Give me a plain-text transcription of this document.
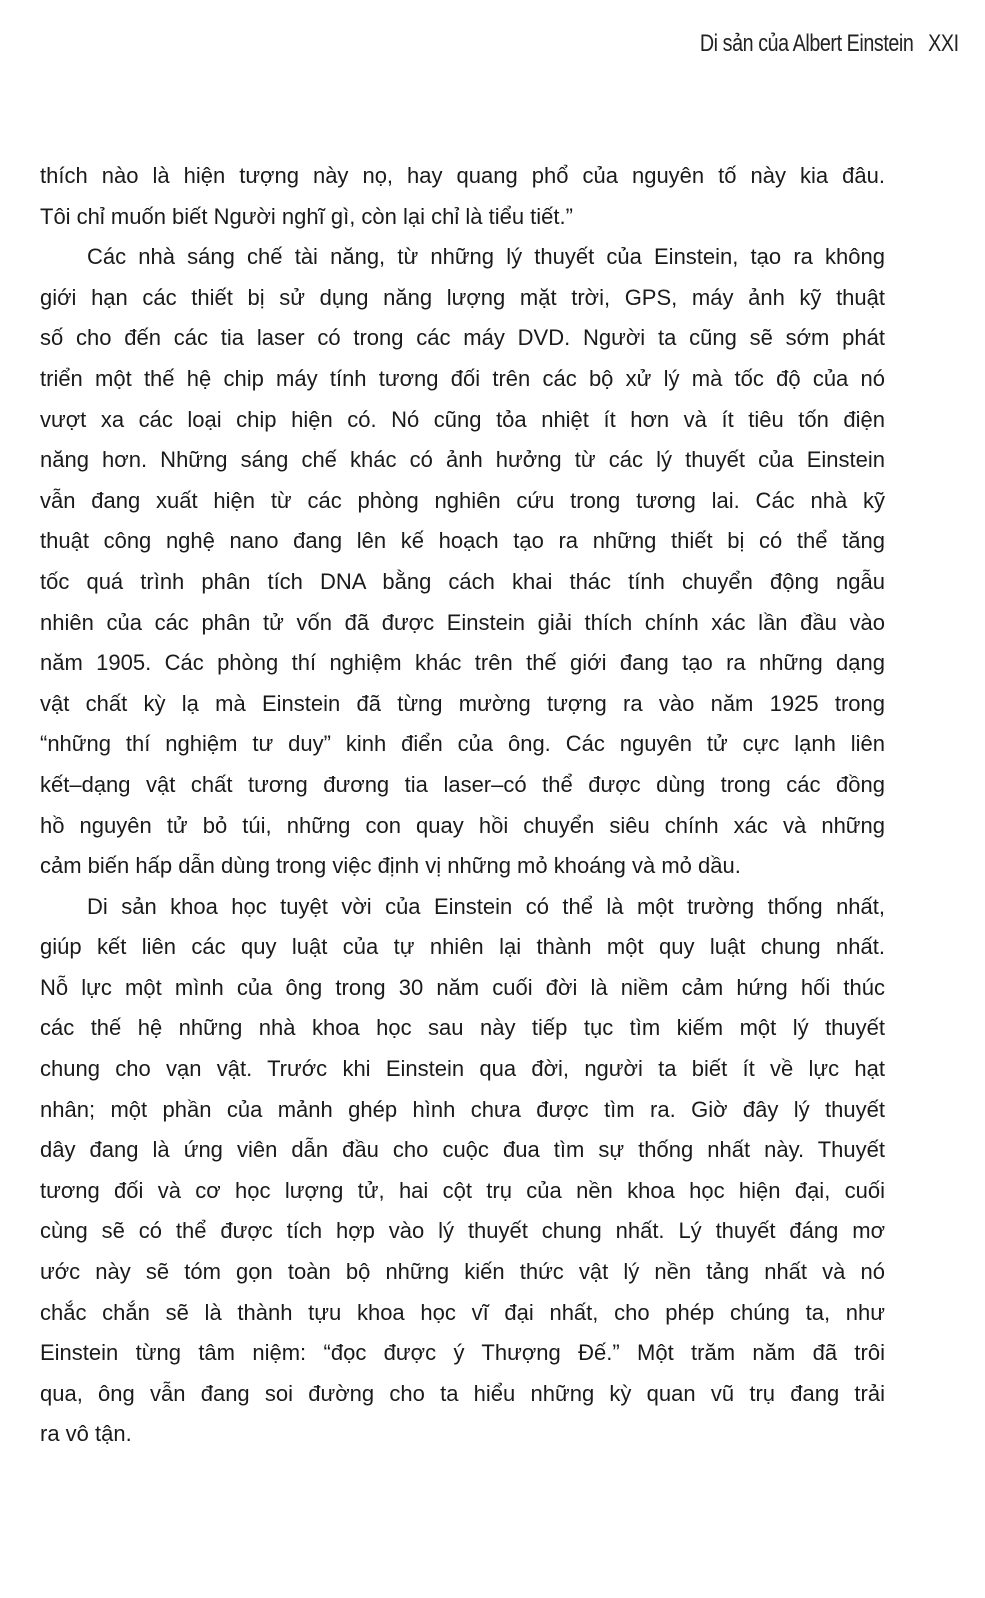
Di sản của Albert Einstein XXI
thích nào là hiện tượng này nọ, hay quang phổ của nguyên tố này kia đâu.
Tôi chỉ muốn biết Người nghĩ gì, còn lại chỉ là tiểu tiết.”
Các nhà sáng chế tài năng, từ những lý thuyết của Einstein, tạo ra không
giới hạn các thiết bị sử dụng năng lượng mặt trời, GPS, máy ảnh kỹ thuật
số cho đến các tia laser có trong các máy DVD. Người ta cũng sẽ sớm phát
triển một thế hệ chip máy tính tương đối trên các bộ xử lý mà tốc độ của nó
vượt xa các loại chip hiện có. Nó cũng tỏa nhiệt ít hơn và ít tiêu tốn điện
năng hơn. Những sáng chế khác có ảnh hưởng từ các lý thuyết của Einstein
vẫn đang xuất hiện từ các phòng nghiên cứu trong tương lai. Các nhà kỹ
thuật công nghệ nano đang lên kế hoạch tạo ra những thiết bị có thể tăng
tốc quá trình phân tích DNA bằng cách khai thác tính chuyển động ngẫu
nhiên của các phân tử vốn đã được Einstein giải thích chính xác lần đầu vào
năm 1905. Các phòng thí nghiệm khác trên thế giới đang tạo ra những dạng
vật chất kỳ lạ mà Einstein đã từng mường tượng ra vào năm 1925 trong
“những thí nghiệm tư duy” kinh điển của ông. Các nguyên tử cực lạnh liên
kết–dạng vật chất tương đương tia laser–có thể được dùng trong các đồng
hồ nguyên tử bỏ túi, những con quay hồi chuyển siêu chính xác và những
cảm biến hấp dẫn dùng trong việc định vị những mỏ khoáng và mỏ dầu.
Di sản khoa học tuyệt vời của Einstein có thể là một trường thống nhất,
giúp kết liên các quy luật của tự nhiên lại thành một quy luật chung nhất.
Nỗ lực một mình của ông trong 30 năm cuối đời là niềm cảm hứng hối thúc
các thế hệ những nhà khoa học sau này tiếp tục tìm kiếm một lý thuyết
chung cho vạn vật. Trước khi Einstein qua đời, người ta biết ít về lực hạt
nhân; một phần của mảnh ghép hình chưa được tìm ra. Giờ đây lý thuyết
dây đang là ứng viên dẫn đầu cho cuộc đua tìm sự thống nhất này. Thuyết
tương đối và cơ học lượng tử, hai cột trụ của nền khoa học hiện đại, cuối
cùng sẽ có thể được tích hợp vào lý thuyết chung nhất. Lý thuyết đáng mơ
ước này sẽ tóm gọn toàn bộ những kiến thức vật lý nền tảng nhất và nó
chắc chắn sẽ là thành tựu khoa học vĩ đại nhất, cho phép chúng ta, như
Einstein từng tâm niệm: “đọc được ý Thượng Đế.” Một trăm năm đã trôi
qua, ông vẫn đang soi đường cho ta hiểu những kỳ quan vũ trụ đang trải
ra vô tận.
